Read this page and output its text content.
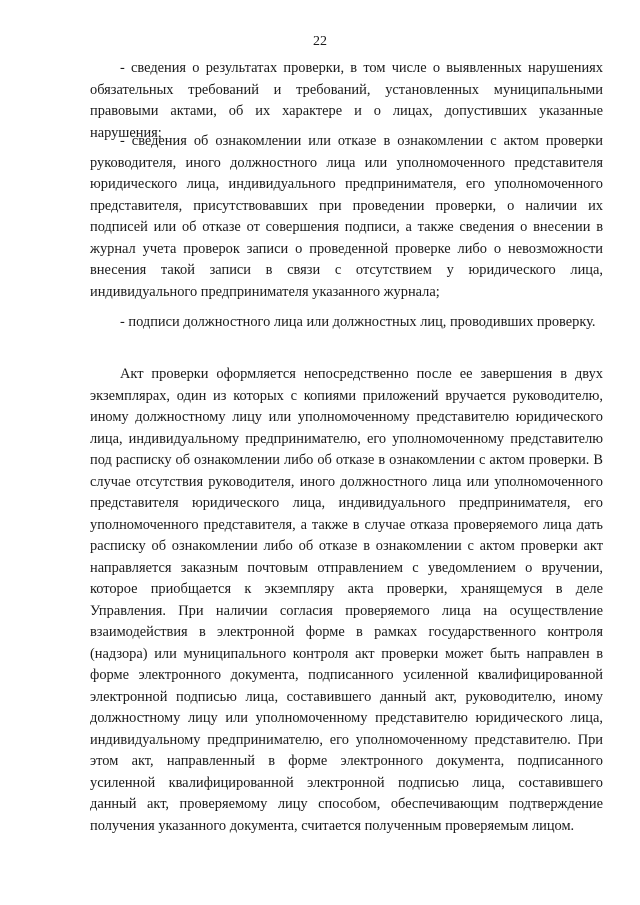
22

- сведения о результатах проверки, в том числе о выявленных нарушениях обязательных требований и требований, установленных муниципальными правовыми актами, об их характере и о лицах, допустивших указанные нарушения;

- сведения об ознакомлении или отказе в ознакомлении с актом проверки руководителя, иного должностного лица или уполномоченного представителя юридического лица, индивидуального предпринимателя, его уполномоченного представителя, присутствовавших при проведении проверки, о наличии их подписей или об отказе от совершения подписи, а также сведения о внесении в журнал учета проверок записи о проведенной проверке либо о невозможности внесения такой записи в связи с отсутствием у юридического лица, индивидуального предпринимателя указанного журнала;

- подписи должностного лица или должностных лиц, проводивших проверку.

Акт проверки оформляется непосредственно после ее завершения в двух экземплярах, один из которых с копиями приложений вручается руководителю, иному должностному лицу или уполномоченному представителю юридического лица, индивидуальному предпринимателю, его уполномоченному представителю под расписку об ознакомлении либо об отказе в ознакомлении с актом проверки. В случае отсутствия руководителя, иного должностного лица или уполномоченного представителя юридического лица, индивидуального предпринимателя, его уполномоченного представителя, а также в случае отказа проверяемого лица дать расписку об ознакомлении либо об отказе в ознакомлении с актом проверки акт направляется заказным почтовым отправлением с уведомлением о вручении, которое приобщается к экземпляру акта проверки, хранящемуся в деле Управления. При наличии согласия проверяемого лица на осуществление взаимодействия в электронной форме в рамках государственного контроля (надзора) или муниципального контроля акт проверки может быть направлен в форме электронного документа, подписанного усиленной квалифицированной электронной подписью лица, составившего данный акт, руководителю, иному должностному лицу или уполномоченному представителю юридического лица, индивидуальному предпринимателю, его уполномоченному представителю. При этом акт, направленный в форме электронного документа, подписанного усиленной квалифицированной электронной подписью лица, составившего данный акт, проверяемому лицу способом, обеспечивающим подтверждение получения указанного документа, считается полученным проверяемым лицом.
